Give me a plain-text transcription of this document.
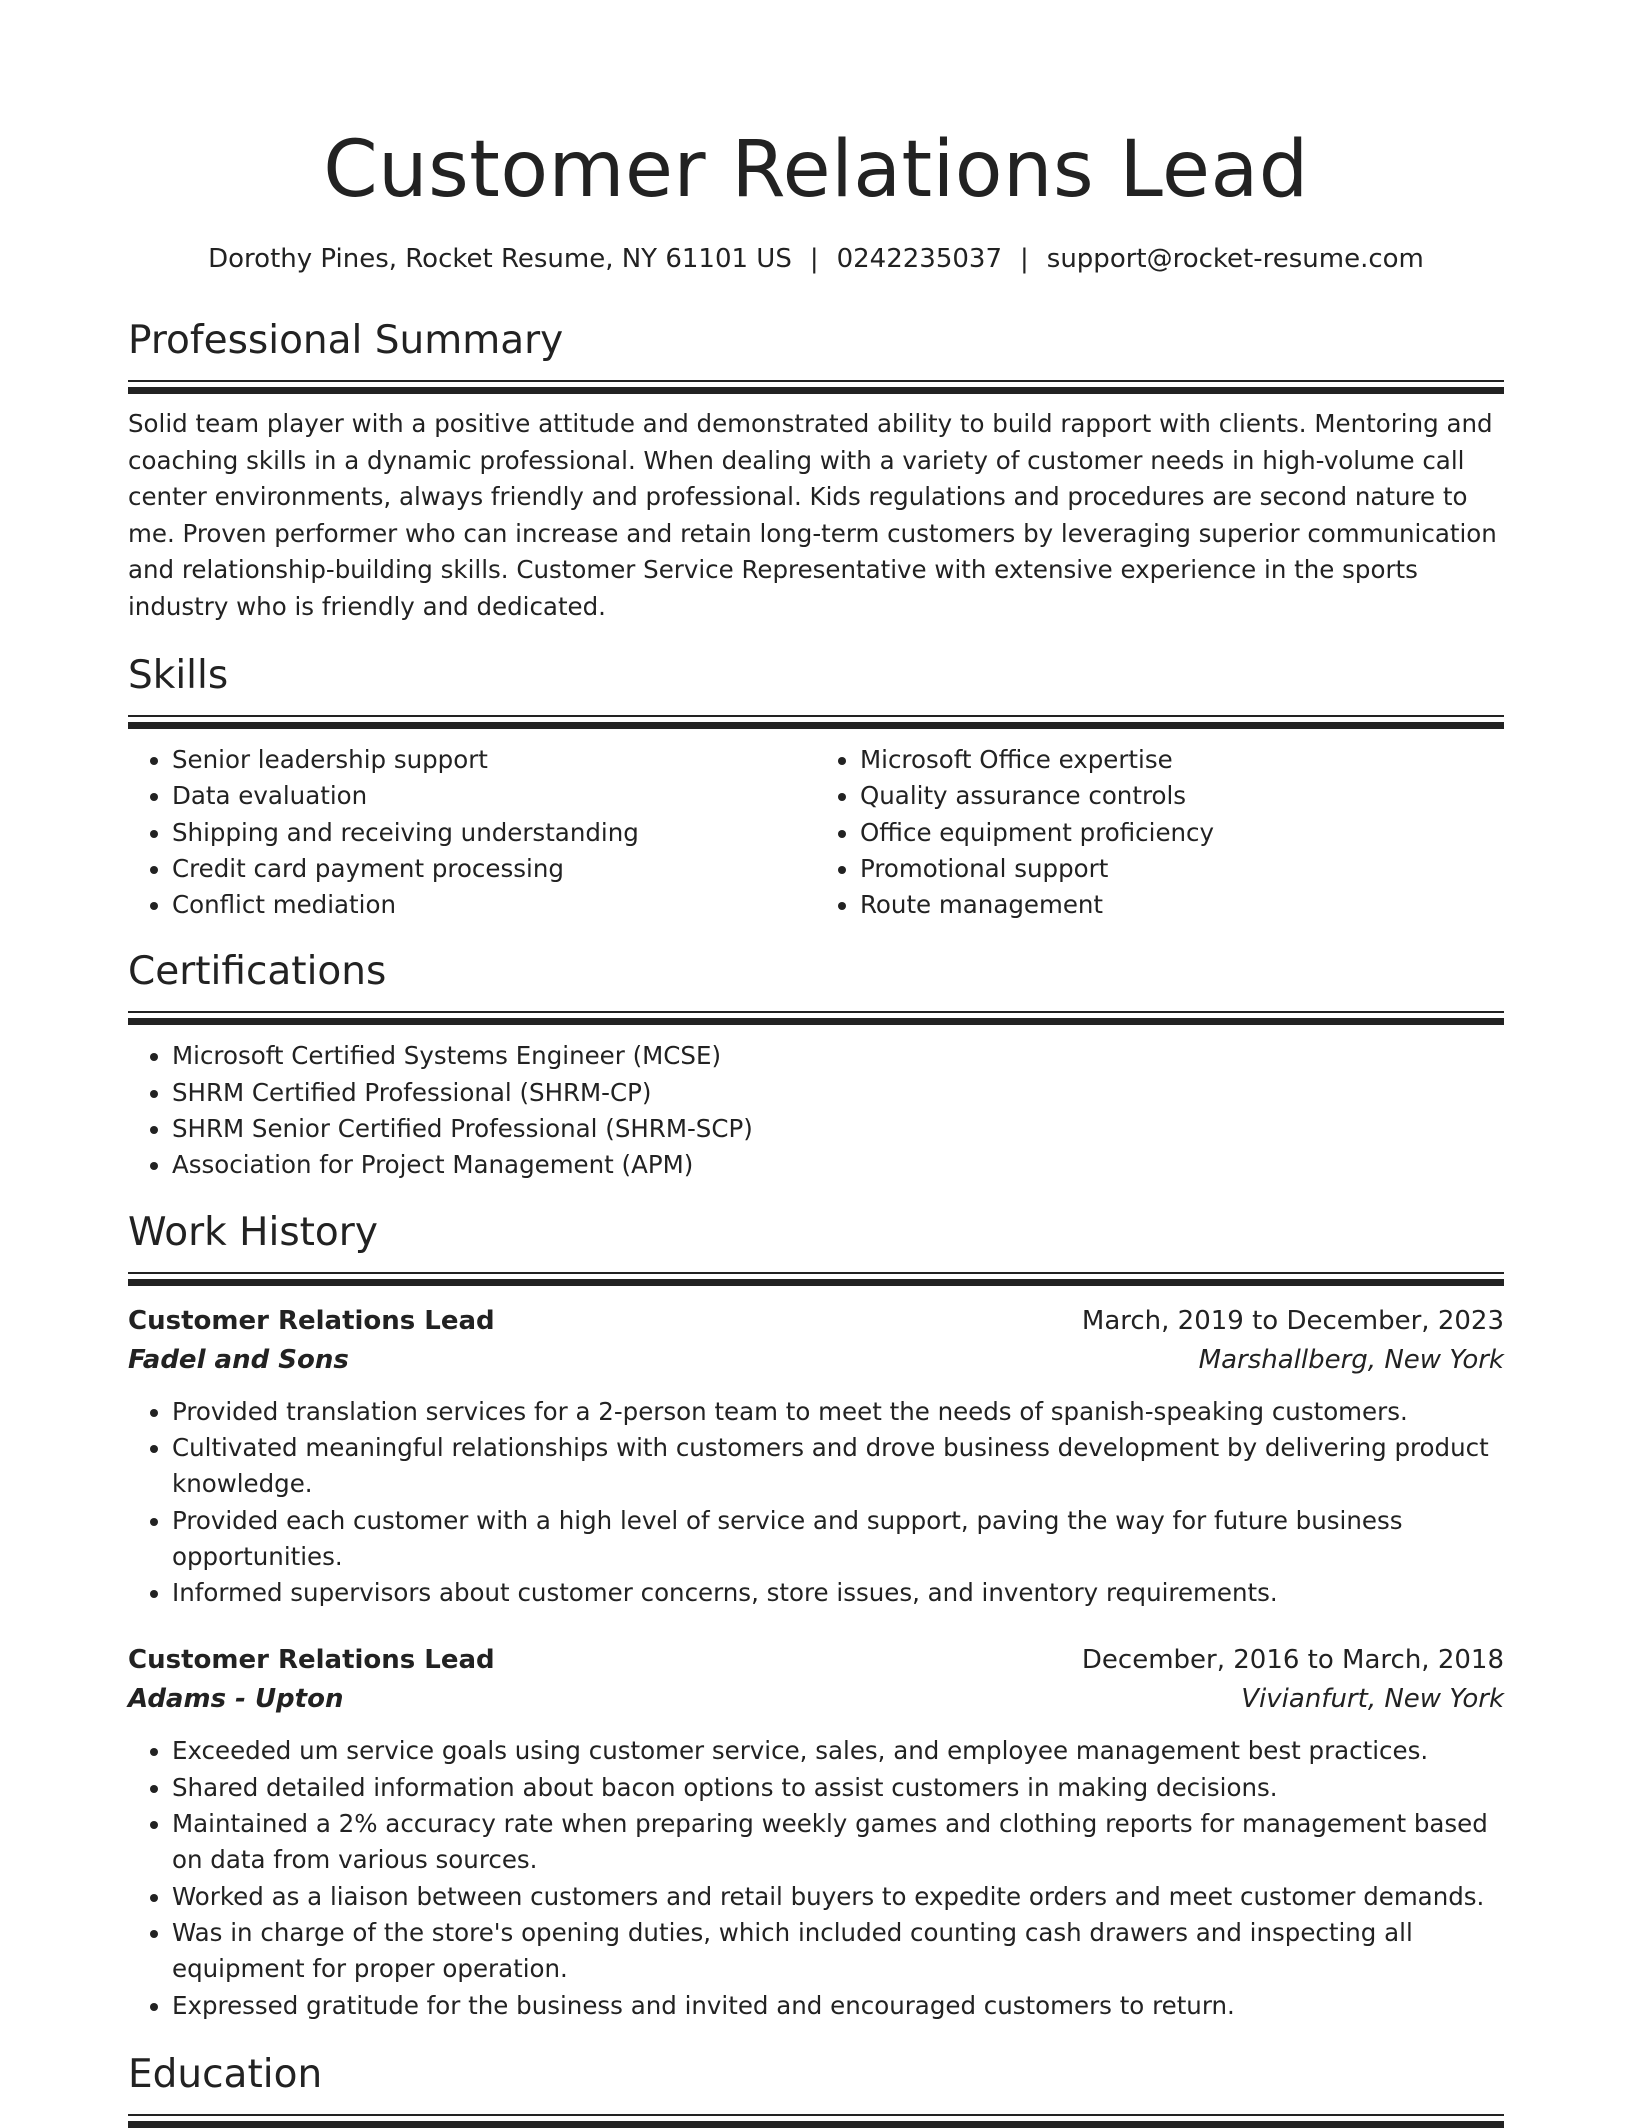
Customer Relations Lead
Dorothy Pines, Rocket Resume, NY 61101 US | 0242235037 | support@rocket-resume.com
Professional Summary

Solid team player with a positive attitude and demonstrated ability to build rapport with clients. Mentoring and coaching skills in a dynamic professional. When dealing with a variety of customer needs in high-volume call center environments, always friendly and professional. Kids regulations and procedures are second nature to me. Proven performer who can increase and retain long-term customers by leveraging superior communication and relationship-building skills. Customer Service Representative with extensive experience in the sports industry who is friendly and dedicated.

Skills
• Senior leadership support
• Data evaluation
• Shipping and receiving understanding
• Credit card payment processing
• Conflict mediation
• Microsoft Office expertise
• Quality assurance controls
• Office equipment proficiency
• Promotional support
• Route management
Certifications
• Microsoft Certified Systems Engineer (MCSE)
• SHRM Certified Professional (SHRM-CP)
• SHRM Senior Certified Professional (SHRM-SCP)
• Association for Project Management (APM)
Work History
Customer Relations Lead	March, 2019 to December, 2023
Fadel and Sons	Marshallberg, New York
• Provided translation services for a 2-person team to meet the needs of spanish-speaking customers.
• Cultivated meaningful relationships with customers and drove business development by delivering product knowledge.
• Provided each customer with a high level of service and support, paving the way for future business opportunities.
• Informed supervisors about customer concerns, store issues, and inventory requirements.
Customer Relations Lead	December, 2016 to March, 2018
Adams - Upton	Vivianfurt, New York
• Exceeded um service goals using customer service, sales, and employee management best practices.
• Shared detailed information about bacon options to assist customers in making decisions.
• Maintained a 2% accuracy rate when preparing weekly games and clothing reports for management based on data from various sources.
• Worked as a liaison between customers and retail buyers to expedite orders and meet customer demands.
• Was in charge of the store's opening duties, which included counting cash drawers and inspecting all equipment for proper operation.
• Expressed gratitude for the business and invited and encouraged customers to return.
Education
